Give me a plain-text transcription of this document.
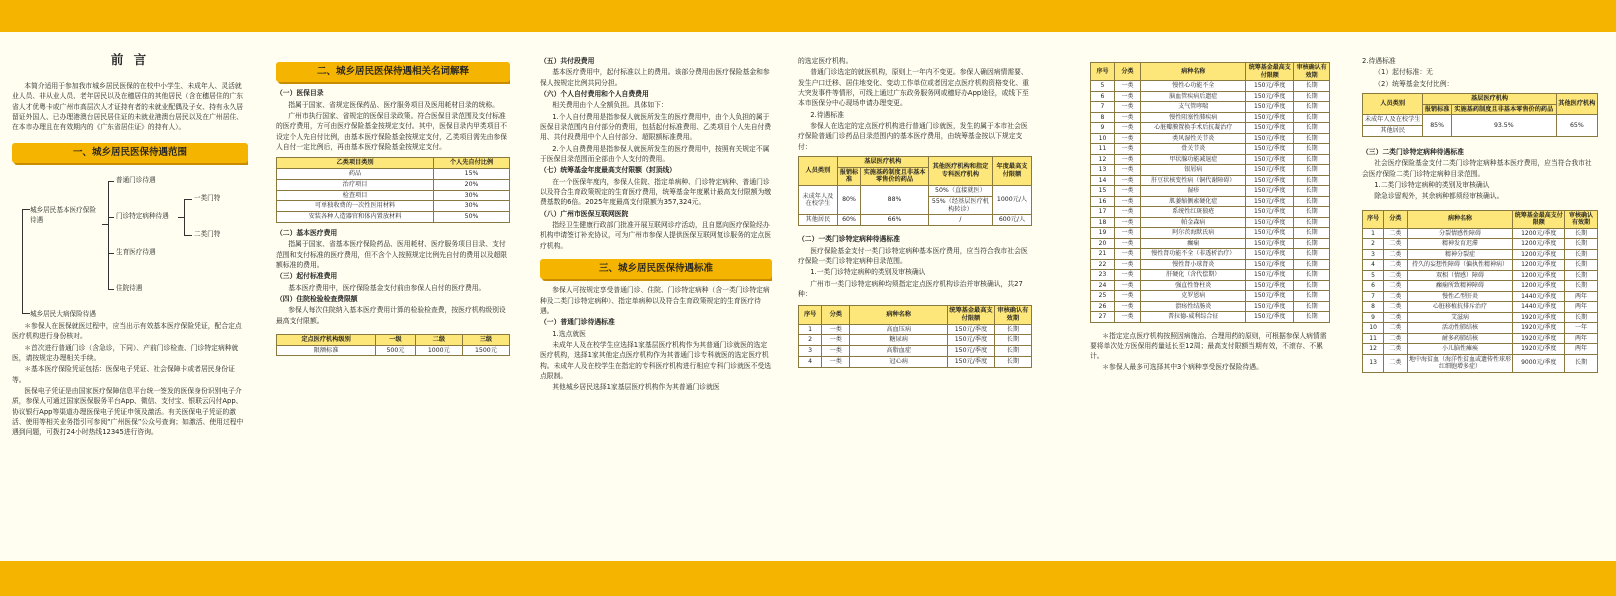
前 言

本简介适用于参加我市城乡居民医保的在校中小学生、未成年人、灵活就业人员、非从业人员、老年居民以及在穗居住的其他居民（含在穗居住的广东省人才优粤卡或广州市高层次人才证持有者的未就业配偶及子女、持有永久居留证外国人、已办理港澳台居民居住证的未就业港澳台居民以及在广州居住、在本市办理且在有效期内的《广东省居住证》的持有人）。

一、城乡居民医保待遇范围
城乡居民基本医疗保险待遇
普通门诊待遇
门诊特定病种待遇
生育医疗待遇
住院待遇
一类门特
二类门特
城乡居民大病保险待遇

＊参保人在医保就医过程中，应当出示有效基本医疗保险凭证，配合定点医疗机构进行身份核对。

＊首次进行普通门诊（含急诊，下同）、产前门诊检查、门诊特定病种就医，请按规定办理相关手续。

＊基本医疗保险凭证包括：医保电子凭证、社会保障卡或者居民身份证等。

医保电子凭证是由国家医疗保障信息平台统一签发的医保身份识别电子介质，参保人可通过国家医保服务平台App、微信、支付宝、银联云闪付App、协议银行App等渠道办理医保电子凭证申领及激活。有关医保电子凭证的激活、使用等相关业务指引可参阅“广州医保”公众号查询；如激活、使用过程中遇到问题，可拨打24小时热线12345进行咨询。

二、城乡居民医保待遇相关名词解释

（一）医保目录

指属于国家、省规定医保药品、医疗服务项目及医用耗材目录的统称。

广州市执行国家、省规定的医保目录政策。符合医保目录范围及支付标准的医疗费用，方可由医疗保险基金按规定支付。其中，医保目录内甲类项目不设定个人先自付比例，由基本医疗保险基金按规定支付，乙类项目需先由参保人自付一定比例后，再由基本医疗保险基金按规定支付。

乙类项目类别	个人先自付比例
药品	15%
治疗项目	20%
检查项目	30%
可单独收费的一次性医用材料	30%
安装各种人造器官和体内置放材料	50%

（二）基本医疗费用

指属于国家、省基本医疗保险药品、医用耗材、医疗服务项目目录、支付范围和支付标准的医疗费用，但不含个人按照规定比例先自付的费用以及超限额标准的费用。

（三）起付标准费用

基本医疗费用中，医疗保险基金支付前由参保人自付的医疗费用。

（四）住院检验检查费限额

参保人每次住院纳入基本医疗费用计算的检验检查费，按医疗机构级别设最高支付限额。

定点医疗机构级别	一级	二级	三级
限额标准	500元	1000元	1500元

（五）共付段费用

基本医疗费用中，起付标准以上的费用。该部分费用由医疗保险基金和参保人按规定比例共同分担。

（六）个人自付费用和个人自费费用

相关费用由个人全额负担。具体如下：

1.个人自付费用是指参保人就医所发生的医疗费用中，由个人负担的属于医保目录范围内自付部分的费用，包括起付标准费用、乙类项目个人先自付费用、共付段费用中个人自付部分、超限额标准费用。

2.个人自费费用是指参保人就医所发生的医疗费用中，按照有关规定不属于医保目录范围而全部由个人支付的费用。

（七）统筹基金年度最高支付限额（封顶线）

在一个医保年度内，参保人住院、指定单病种、门诊特定病种、普通门诊以及符合生育政策规定的生育医疗费用，统筹基金年度累计最高支付限额为缴费基数的6倍。2025年度最高支付限额为357,324元。

（八）广州市医保互联网医院

指经卫生健康行政部门批准开展互联网诊疗活动，且自愿向医疗保险经办机构申请签订补充协议，可为广州市参保人提供医保互联网复诊服务的定点医疗机构。

三、城乡居民医保待遇标准

参保人可按规定享受普通门诊、住院、门诊特定病种（含一类门诊特定病种及二类门诊特定病种）、指定单病种以及符合生育政策规定的生育医疗待遇。

（一）普通门诊待遇标准

1.选点就医

未成年人及在校学生应选择1家基层医疗机构作为其普通门诊就医的选定医疗机构，选择1家其他定点医疗机构作为其普通门诊专科就医的选定医疗机构。未成年人及在校学生在指定的专科医疗机构进行相应专科门诊就医不受选点限制。

其他城乡居民选择1家基层医疗机构作为其普通门诊就医

的选定医疗机构。

普通门诊选定的就医机构，原则上一年内不变更。参保人确因病情需要、发生户口迁移、居住地变化、变动工作单位或者因定点医疗机构资格变化、重大突发事件等情形，可线上通过广东政务服务网或穗好办App途径，或线下至本市医保分中心现场申请办理变更。

2.待遇标准

参保人在选定的定点医疗机构进行普通门诊就医，发生的属于本市社会医疗保险普通门诊药品目录范围内的基本医疗费用，由统筹基金按以下规定支付：

人员类别	基层医疗机构		其他医疗机构和指定专科医疗机构	年度最高支付限额
	报销标准	实施基药制度且非基本零售价的药品		
未成年人及在校学生	80%	88%	50%（直接就医）	1000元/人
			55%（经基层医疗机构转诊）	
其他居民	60%	66%	/	600元/人

（二）一类门诊特定病种待遇标准

医疗保险基金支付一类门诊特定病种基本医疗费用，应当符合我市社会医疗保险一类门诊特定病种目录范围。

1.一类门诊特定病种的类别及审核确认

广州市一类门诊特定病种均须指定定点医疗机构诊治并审核确认，共27种：

序号	分类	病种名称	统筹基金最高支付限额	审核确认有效期
1	一类	高血压病	150元/季度	长期
2	一类	糖尿病	150元/季度	长期
3	一类	高脂血症	150元/季度	长期
4	一类	冠心病	150元/季度	长期
序号	分类	病种名称	统筹基金最高支付限额	审核确认有效期
5	一类	慢性心功能不全	150元/季度	长期
6	一类	脑血管疾病后遗症	150元/季度	长期
7	一类	支气管哮喘	150元/季度	长期
8	一类	慢性阻塞性肺疾病	150元/季度	长期
9	一类	心脏瓣膜置换手术后抗凝治疗	150元/季度	长期
10	一类	类风湿性关节炎	150元/季度	长期
11	一类	骨关节炎	150元/季度	长期
12	一类	甲状腺功能减退症	150元/季度	长期
13	一类	银屑病	150元/季度	长期
14	一类	肝豆状核变性病（铜代谢障碍）	150元/季度	长期
15	一类	湿疹	150元/季度	长期
16	一类	肌萎缩侧索硬化症	150元/季度	长期
17	一类	系统性红斑狼疮	150元/季度	长期
18	一类	帕金森病	150元/季度	长期
19	一类	阿尔茨海默氏病	150元/季度	长期
20	一类	癫痫	150元/季度	长期
21	一类	慢性肾功能不全（非透析治疗）	150元/季度	长期
22	一类	慢性肾小球肾炎	150元/季度	长期
23	一类	肝硬化（含代偿期）	150元/季度	长期
24	一类	强直性脊柱炎	150元/季度	长期
25	一类	克罗恩病	150元/季度	长期
26	一类	溃疡性结肠炎	150元/季度	长期
27	一类	普拉德-威利综合征	150元/季度	长期

＊指定定点医疗机构按照因病施治、合理用药的原则，可根据参保人病情需要将单次处方医保用药量延长至12周；最高支付限额当期有效，不滚存、不累计。

＊参保人最多可选择其中3个病种享受医疗保险待遇。

2.待遇标准

（1）起付标准：无

（2）统筹基金支付比例：

人员类别	基层医疗机构		其他医疗机构
	报销标准	实施基药制度且非基本零售价的药品	
未成年人及在校学生	85%	93.5%	65%
其他居民			

（三）二类门诊特定病种待遇标准

社会医疗保险基金支付二类门诊特定病种基本医疗费用，应当符合我市社会医疗保险二类门诊特定病种目录范围。

1.二类门诊特定病种的类别及审核确认

除急诊留观外，其余病种都须经审核确认。

序号	分类	病种名称	统筹基金最高支付限额	审核确认有效期
1	二类	分裂情感性障碍	1200元/季度	长期
2	二类	精神发育迟滞	1200元/季度	长期
3	二类	精神分裂症	1200元/季度	长期
4	二类	持久的妄想性障碍（偏执性精神病）	1200元/季度	长期
5	二类	双相（情感）障碍	1200元/季度	长期
6	二类	癫痫所致精神障碍	1200元/季度	长期
7	二类	慢性乙型肝炎	1440元/季度	两年
8	二类	心脏移植抗排斥治疗	1440元/季度	两年
9	二类	艾滋病	1920元/季度	长期
10	二类	活动性肺结核	1920元/季度	一年
11	二类	耐多药肺结核	1920元/季度	两年
12	二类	小儿脑性瘫痪	1920元/季度	两年
13	二类	地中海贫血（海洋性贫血或遗传性球形红细胞增多症）	9000元/季度	长期
